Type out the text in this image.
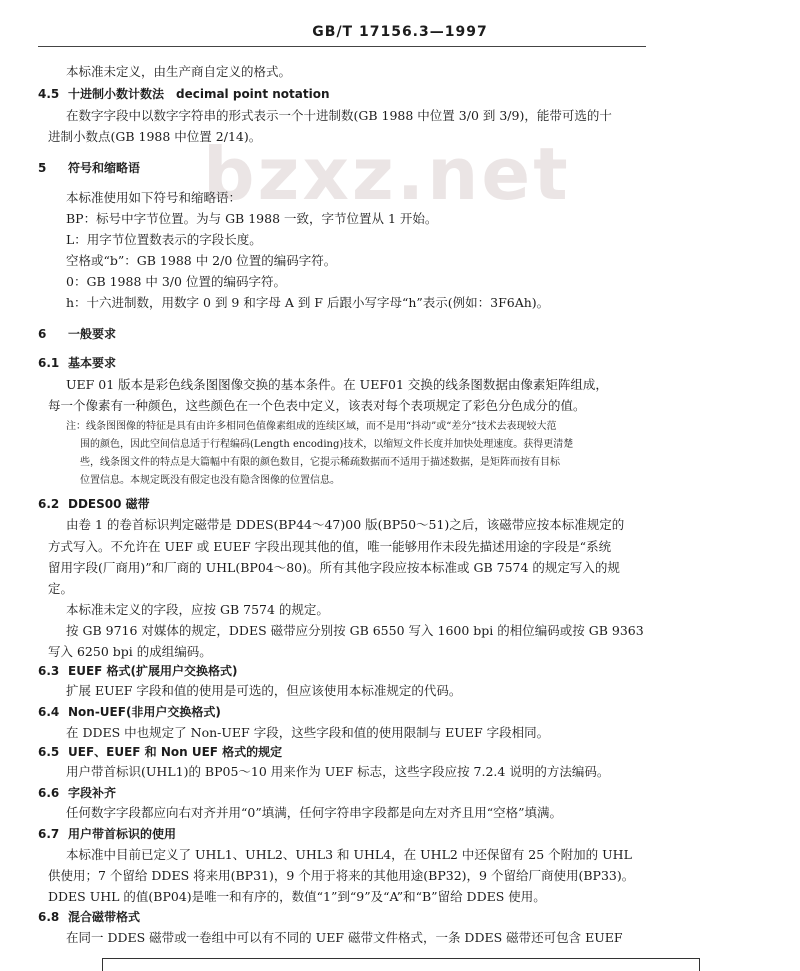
GB/T 17156.3—1997
bzxz.net
本标准未定义，由生产商自定义的格式。
4.5 十进制小数计数法　decimal point notation
在数字字段中以数字字符串的形式表示一个十进制数(GB 1988 中位置 3/0 到 3/9)，能带可选的十
进制小数点(GB 1988 中位置 2/14)。
5 符号和缩略语
本标准使用如下符号和缩略语：
BP：标号中字节位置。为与 GB 1988 一致，字节位置从 1 开始。
L：用字节位置数表示的字段长度。
空格或“b”：GB 1988 中 2/0 位置的编码字符。
0：GB 1988 中 3/0 位置的编码字符。
h：十六进制数，用数字 0 到 9 和字母 A 到 F 后跟小写字母“h”表示(例如：3F6Ah)。
6 一般要求
6.1 基本要求
UEF 01 版本是彩色线条图图像交换的基本条件。在 UEF01 交换的线条图数据由像素矩阵组成，
每一个像素有一种颜色，这些颜色在一个色表中定义，该表对每个表项规定了彩色分色成分的值。
注：线条图图像的特征是具有由许多相同色值像素组成的连续区域，而不是用“抖动”或“差分”技术去表现较大范
围的颜色，因此空间信息适于行程编码(Length encoding)技术，以缩短文件长度并加快处理速度。获得更清楚
些，线条图文件的特点是大篇幅中有限的颜色数目，它提示稀疏数据而不适用于描述数据，是矩阵而按有目标
位置信息。本规定既没有假定也没有隐含图像的位置信息。
6.2 DDES00 磁带
由卷 1 的卷首标识判定磁带是 DDES(BP44～47)00 版(BP50～51)之后，该磁带应按本标准规定的
方式写入。不允许在 UEF 或 EUEF 字段出现其他的值，唯一能够用作未段先描述用途的字段是“系统
留用字段(厂商用)”和厂商的 UHL(BP04～80)。所有其他字段应按本标准或 GB 7574 的规定写入的规
定。
本标准未定义的字段，应按 GB 7574 的规定。
按 GB 9716 对媒体的规定，DDES 磁带应分别按 GB 6550 写入 1600 bpi 的相位编码或按 GB 9363
写入 6250 bpi 的成组编码。
6.3 EUEF 格式(扩展用户交换格式)
扩展 EUEF 字段和值的使用是可选的，但应该使用本标准规定的代码。
6.4 Non-UEF(非用户交换格式)
在 DDES 中也规定了 Non-UEF 字段，这些字段和值的使用限制与 EUEF 字段相同。
6.5 UEF、EUEF 和 Non UEF 格式的规定
用户带首标识(UHL1)的 BP05～10 用来作为 UEF 标志，这些字段应按 7.2.4 说明的方法编码。
6.6 字段补齐
任何数字字段都应向右对齐并用“0”填满，任何字符串字段都是向左对齐且用“空格”填满。
6.7 用户带首标识的使用
本标准中目前已定义了 UHL1、UHL2、UHL3 和 UHL4，在 UHL2 中还保留有 25 个附加的 UHL
供使用；7 个留给 DDES 将来用(BP31)，9 个用于将来的其他用途(BP32)，9 个留给厂商使用(BP33)。
DDES UHL 的值(BP04)是唯一和有序的，数值“1”到“9”及“A”和“B”留给 DDES 使用。
6.8 混合磁带格式
在同一 DDES 磁带或一卷组中可以有不同的 UEF 磁带文件格式，一条 DDES 磁带还可包含 EUEF
